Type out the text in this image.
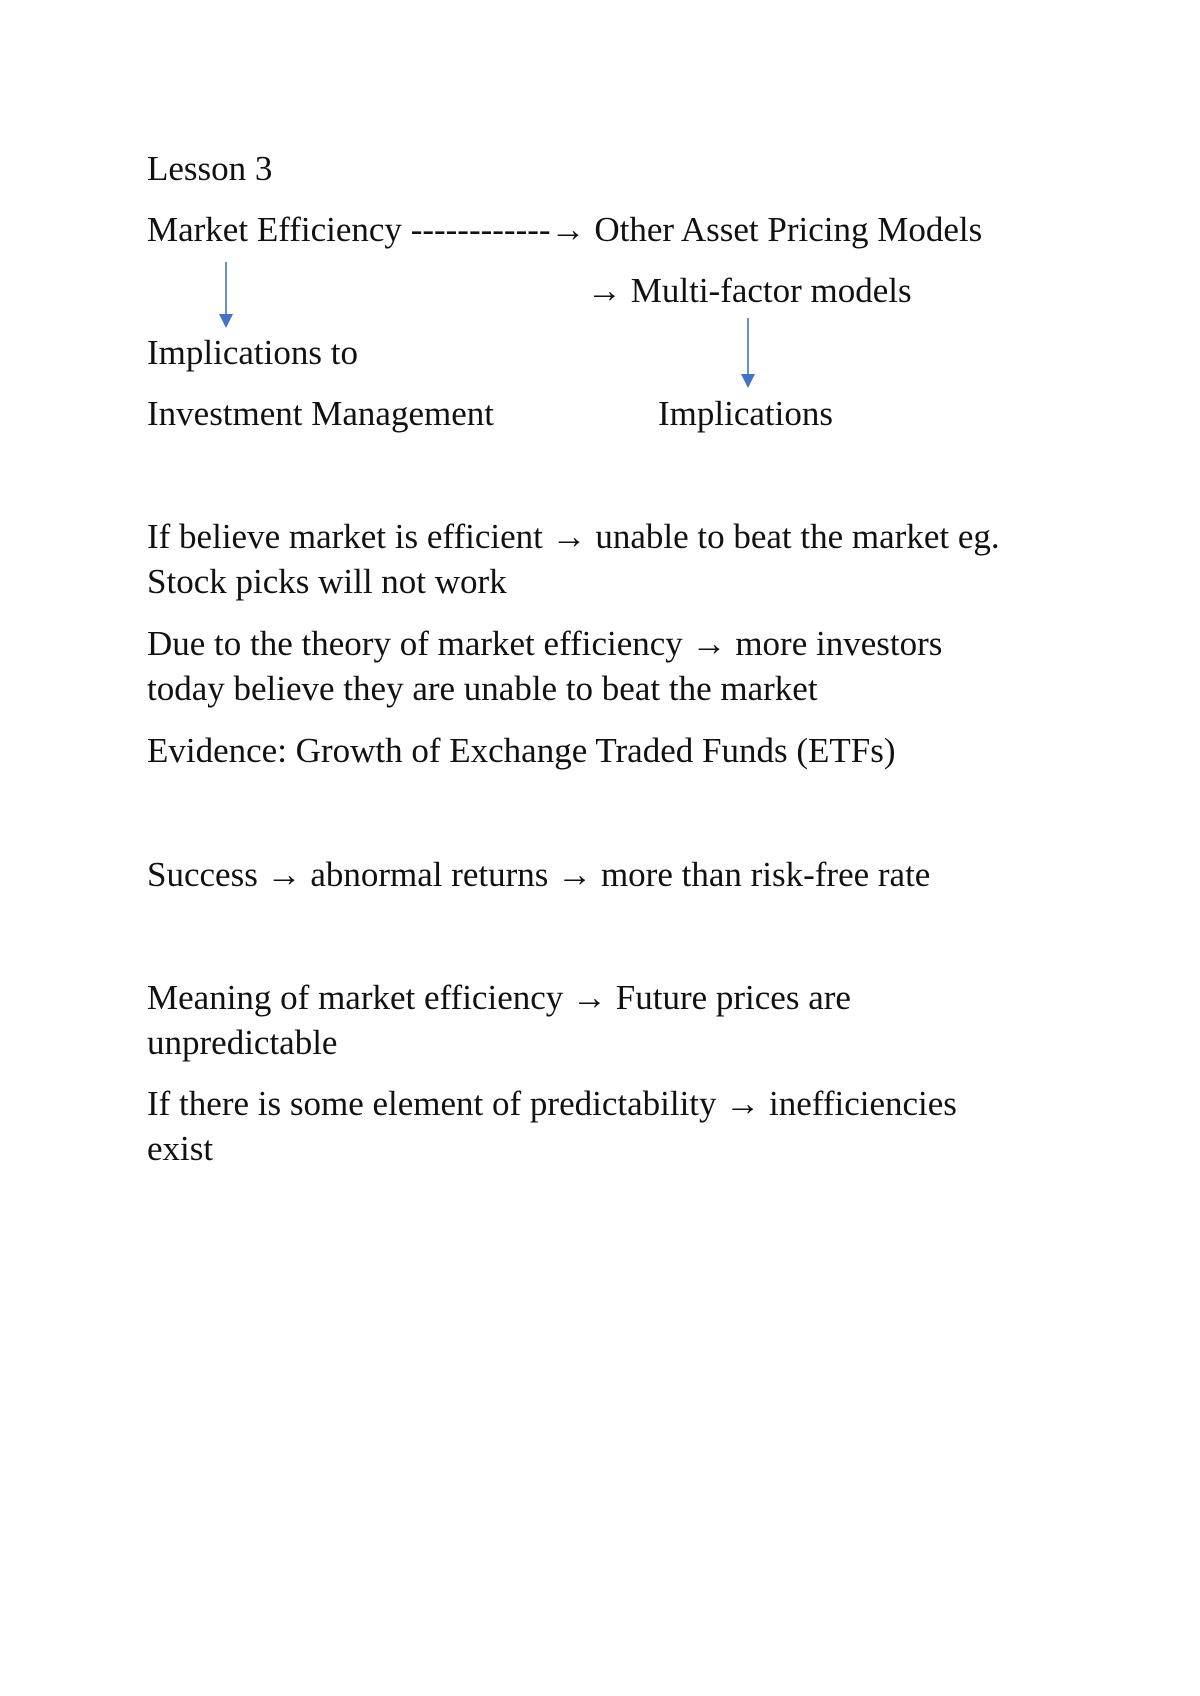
Lesson 3

Market Efficiency ------------→ Other Asset Pricing Models

→ Multi-factor models

Implications to

Investment Management	Implications

If believe market is efficient → unable to beat the market eg. Stock picks will not work

Due to the theory of market efficiency → more investors today believe they are unable to beat the market

Evidence: Growth of Exchange Traded Funds (ETFs)

Success → abnormal returns → more than risk-free rate

Meaning of market efficiency → Future prices are unpredictable

If there is some element of predictability → inefficiencies exist
